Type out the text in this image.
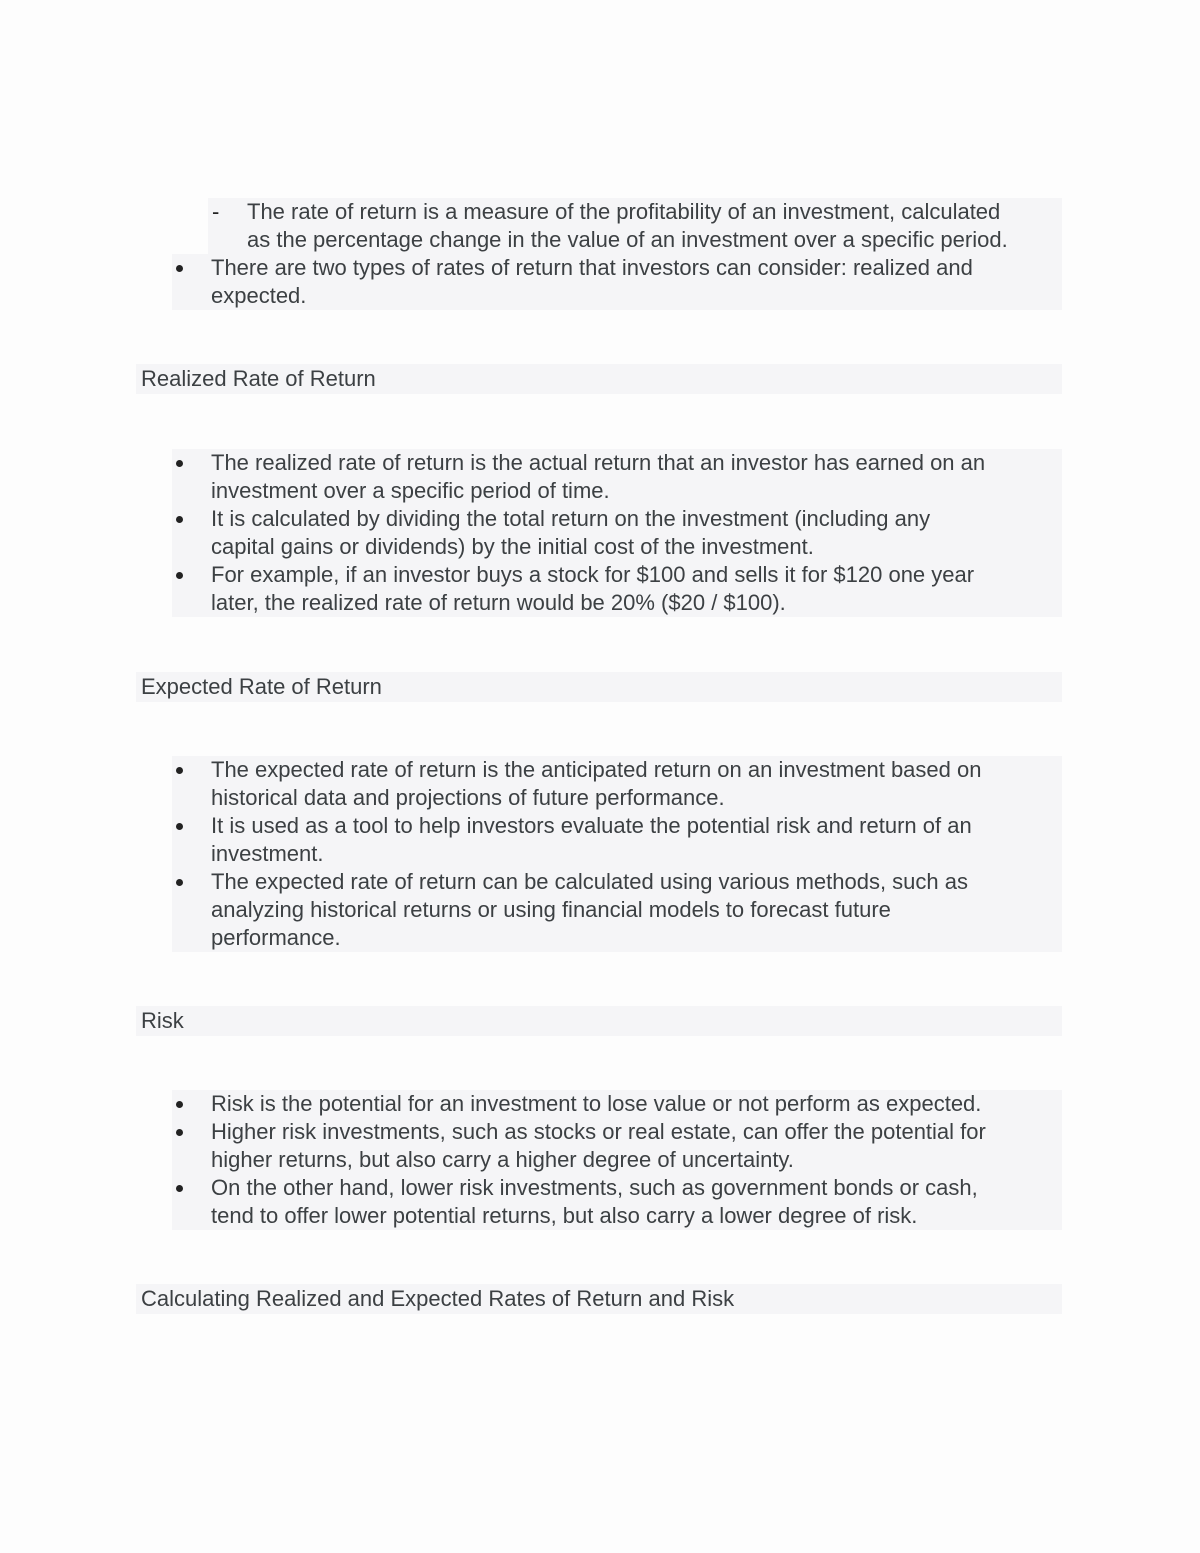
- The rate of return is a measure of the profitability of an investment, calculated
as the percentage change in the value of an investment over a specific period.
There are two types of rates of return that investors can consider: realized and
expected.
Realized Rate of Return
The realized rate of return is the actual return that an investor has earned on an
investment over a specific period of time.
It is calculated by dividing the total return on the investment (including any
capital gains or dividends) by the initial cost of the investment.
For example, if an investor buys a stock for $100 and sells it for $120 one year
later, the realized rate of return would be 20% ($20 / $100).
Expected Rate of Return
The expected rate of return is the anticipated return on an investment based on
historical data and projections of future performance.
It is used as a tool to help investors evaluate the potential risk and return of an
investment.
The expected rate of return can be calculated using various methods, such as
analyzing historical returns or using financial models to forecast future
performance.
Risk
Risk is the potential for an investment to lose value or not perform as expected.
Higher risk investments, such as stocks or real estate, can offer the potential for
higher returns, but also carry a higher degree of uncertainty.
On the other hand, lower risk investments, such as government bonds or cash,
tend to offer lower potential returns, but also carry a lower degree of risk.
Calculating Realized and Expected Rates of Return and Risk
